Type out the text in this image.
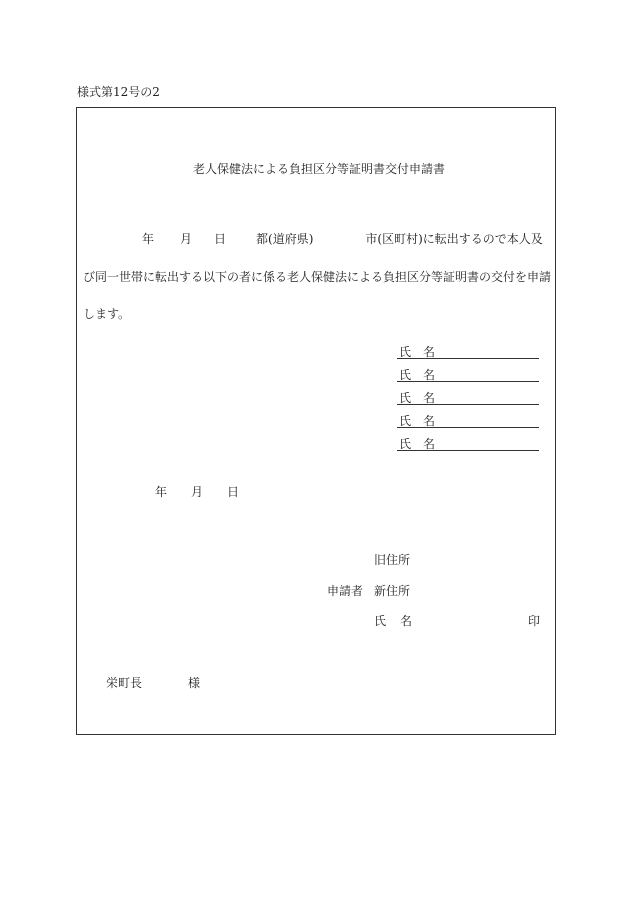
様式第12号の2
老人保健法による負担区分等証明書交付申請書
年 月 日	都(道府県)	市(区町村)に転出するので本人及
び同一世帯に転出する以下の者に係る老人保健法による負担区分等証明書の交付を申請
します。
氏 名
氏 名
氏 名
氏 名
氏 名
年 月 日
旧住所
申請者 新住所
氏 名	印
栄町長	様
